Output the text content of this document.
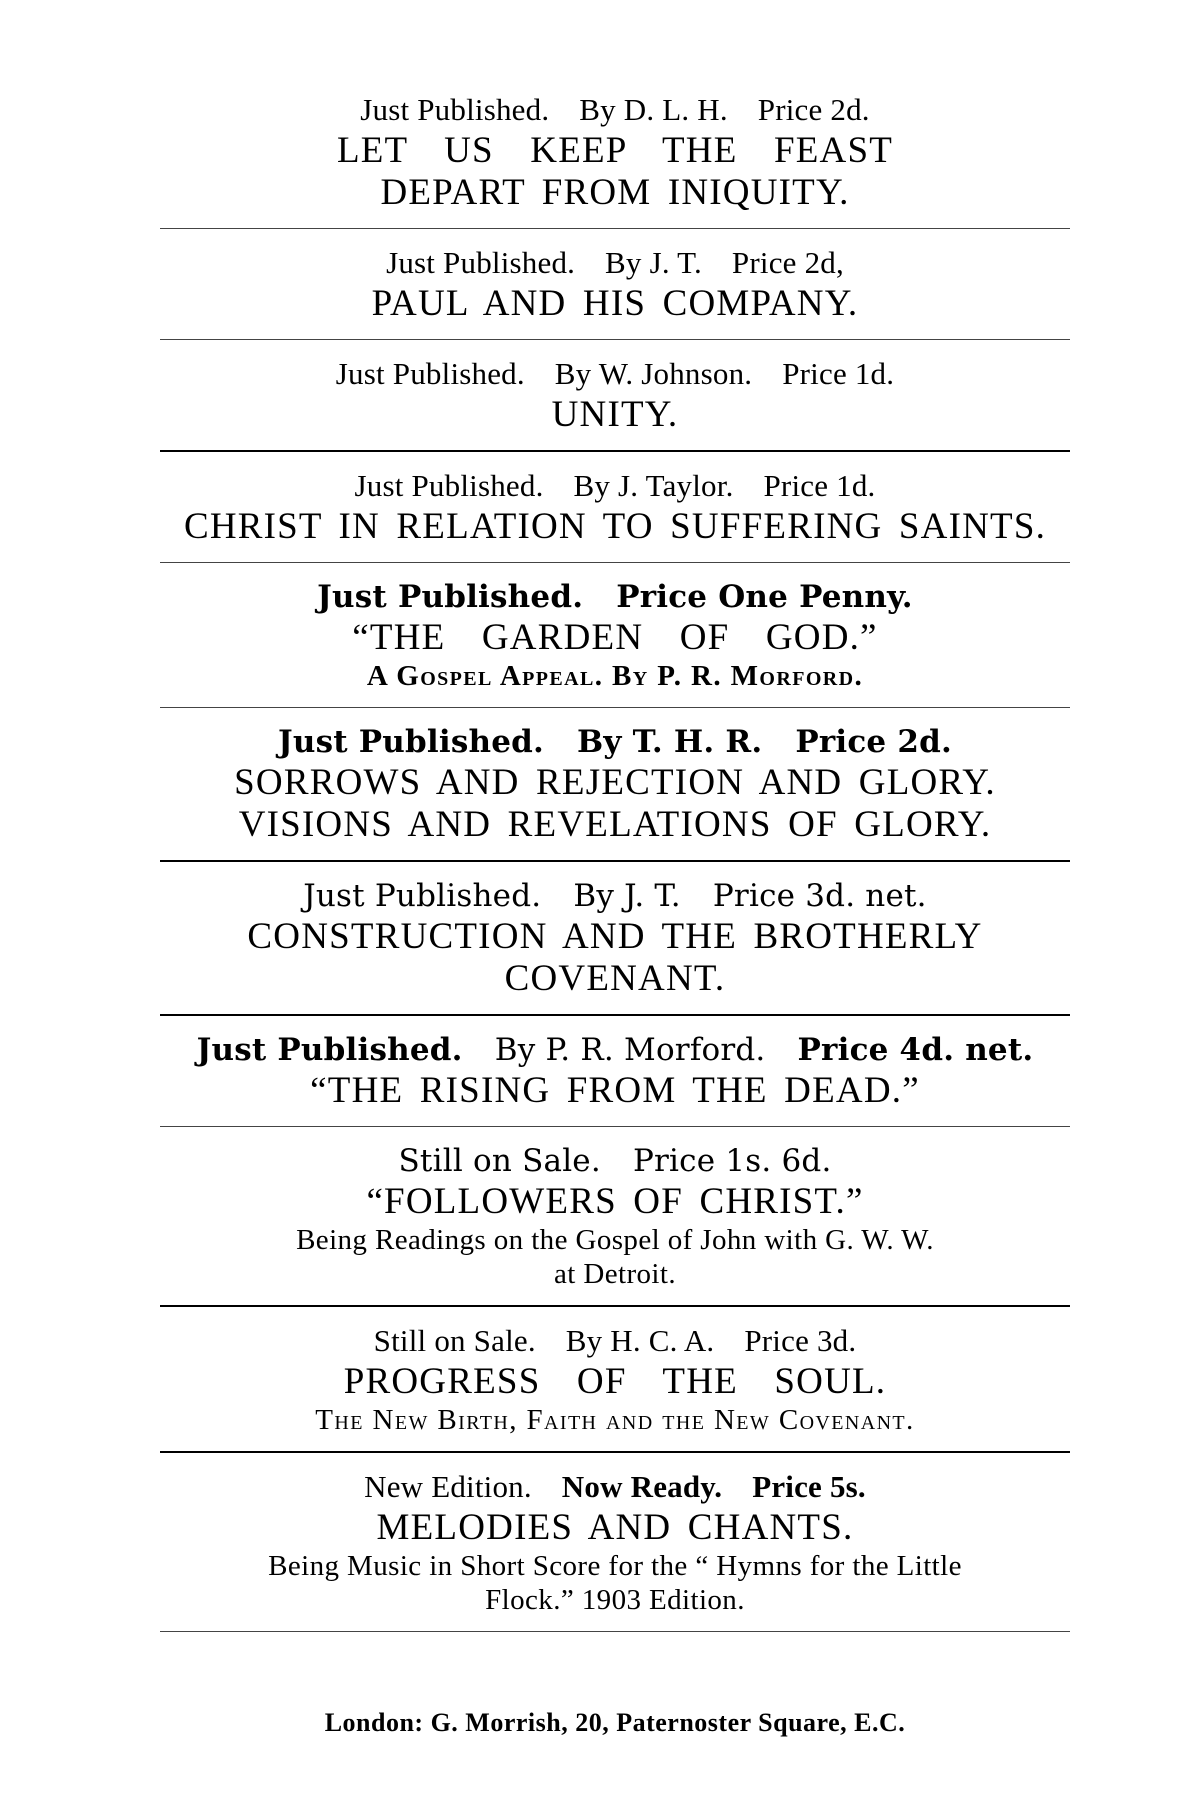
Just Published. By D. L. H. Price 2d.
LET US KEEP THE FEAST
DEPART FROM INIQUITY.
Just Published. By J. T. Price 2d,
PAUL AND HIS COMPANY.
Just Published. By W. Johnson. Price 1d.
UNITY.
Just Published. By J. Taylor. Price 1d.
CHRIST IN RELATION TO SUFFERING SAINTS.
Just Published. Price One Penny.
“THE GARDEN OF GOD.”
A Gospel Appeal. By P. R. Morford.
Just Published. By T. H. R. Price 2d.
SORROWS AND REJECTION AND GLORY.
VISIONS AND REVELATIONS OF GLORY.
Just Published. By J. T. Price 3d. net.
CONSTRUCTION AND THE BROTHERLY
COVENANT.
Just Published. By P. R. Morford. Price 4d. net.
“THE RISING FROM THE DEAD.”
Still on Sale. Price 1s. 6d.
“FOLLOWERS OF CHRIST.”
Being Readings on the Gospel of John with G. W. W.
at Detroit.
Still on Sale. By H. C. A. Price 3d.
PROGRESS OF THE SOUL.
The New Birth, Faith and the New Covenant.
New Edition. Now Ready. Price 5s.
MELODIES AND CHANTS.
Being Music in Short Score for the “ Hymns for the Little
Flock.” 1903 Edition.
London: G. Morrish, 20, Paternoster Square, E.C.
